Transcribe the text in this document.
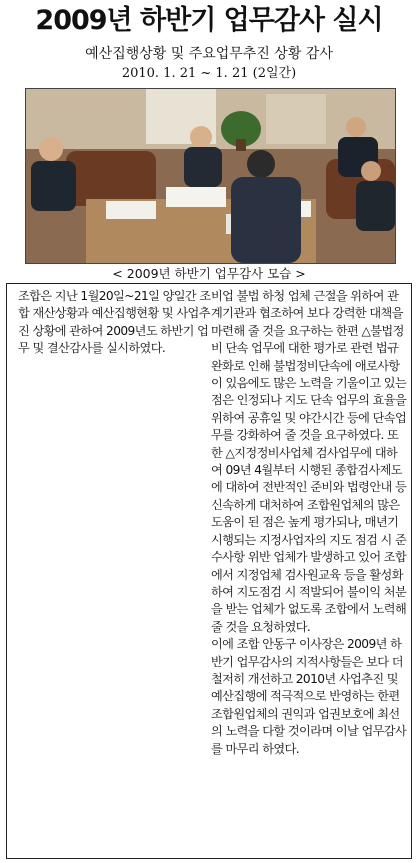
2009년 하반기 업무감사 실시
예산집행상황 및 주요업무추진 상황 감사
2010. 1. 21 ~ 1. 21 (2일간)
< 2009년 하반기 업무감사 모습 >

조합은 지난 1월20일~21일 양일간 조합 재산상황과 예산집행현황 및 사업추진 상황에 관하여 2009년도 하반기 업무 및 결산감사를 실시하였다.

비업 불법 하청 업체 근절을 위하여 관계기관과 협조하여 보다 강력한 대책을 마련해 줄 것을 요구하는 한편 △불법정비 단속 업무에 대한 평가로 관련 법규완화로 인해 불법정비단속에 애로사항이 있음에도 많은 노력을 기울이고 있는 점은 인정되나 지도 단속 업무의 효율을 위하여 공휴일 및 야간시간 등에 단속업무를 강화하여 줄 것을 요구하였다. 또한 △지정정비사업체 검사업무에 대하여 09년 4월부터 시행된 종합검사제도에 대하여 전반적인 준비와 법령안내 등 신속하게 대처하여 조합원업체의 많은 도움이 된 점은 높게 평가되나, 매년기 시행되는 지정사업자의 지도 점검 시 준수사항 위반 업체가 발생하고 있어 조합에서 지정업체 검사원교육 등을 활성화 하여 지도점검 시 적발되어 불이익 처분을 받는 업체가 없도록 조합에서 노력해 줄 것을 요청하였다.

이에 조합 안동구 이사장은 2009년 하반기 업무감사의 지적사항들은 보다 더 철저히 개선하고 2010년 사업추진 및 예산집행에 적극적으로 반영하는 한편 조합원업체의 권익과 업권보호에 최선의 노력을 다할 것이라며 이날 업무감사를 마무리 하였다.
